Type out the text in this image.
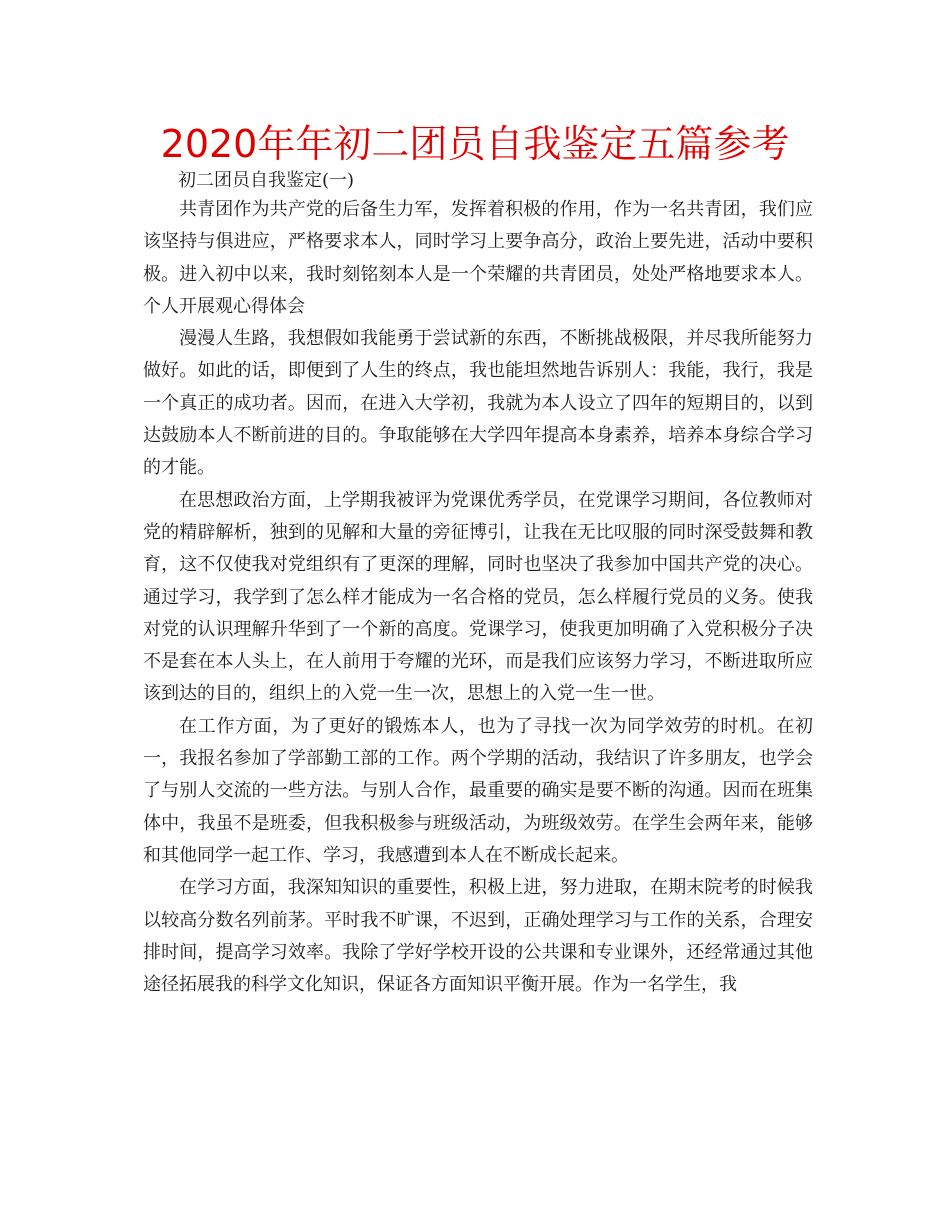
2020年年初二团员自我鉴定五篇参考
初二团员自我鉴定(一)

共青团作为共产党的后备生力军，发挥着积极的作用，作为一名共青团，我们应该坚持与俱进应，严格要求本人，同时学习上要争高分，政治上要先进，活动中要积极。进入初中以来，我时刻铭刻本人是一个荣耀的共青团员，处处严格地要求本人。个人开展观心得体会

漫漫人生路，我想假如我能勇于尝试新的东西，不断挑战极限，并尽我所能努力做好。如此的话，即便到了人生的终点，我也能坦然地告诉别人：我能，我行，我是一个真正的成功者。因而，在进入大学初，我就为本人设立了四年的短期目的，以到达鼓励本人不断前进的目的。争取能够在大学四年提高本身素养，培养本身综合学习的才能。

在思想政治方面，上学期我被评为党课优秀学员，在党课学习期间，各位教师对党的精辟解析，独到的见解和大量的旁征博引，让我在无比叹服的同时深受鼓舞和教育，这不仅使我对党组织有了更深的理解，同时也坚决了我参加中国共产党的决心。通过学习，我学到了怎么样才能成为一名合格的党员，怎么样履行党员的义务。使我对党的认识理解升华到了一个新的高度。党课学习，使我更加明确了入党积极分子决不是套在本人头上，在人前用于夸耀的光环，而是我们应该努力学习，不断进取所应该到达的目的，组织上的入党一生一次，思想上的入党一生一世。

在工作方面，为了更好的锻炼本人，也为了寻找一次为同学效劳的时机。在初一，我报名参加了学部勤工部的工作。两个学期的活动，我结识了许多朋友，也学会了与别人交流的一些方法。与别人合作，最重要的确实是要不断的沟通。因而在班集体中，我虽不是班委，但我积极参与班级活动，为班级效劳。在学生会两年来，能够和其他同学一起工作、学习，我感遭到本人在不断成长起来。

在学习方面，我深知知识的重要性，积极上进，努力进取，在期末院考的时候我以较高分数名列前茅。平时我不旷课，不迟到，正确处理学习与工作的关系，合理安排时间，提高学习效率。我除了学好学校开设的公共课和专业课外，还经常通过其他途径拓展我的科学文化知识，保证各方面知识平衡开展。作为一名学生，我
